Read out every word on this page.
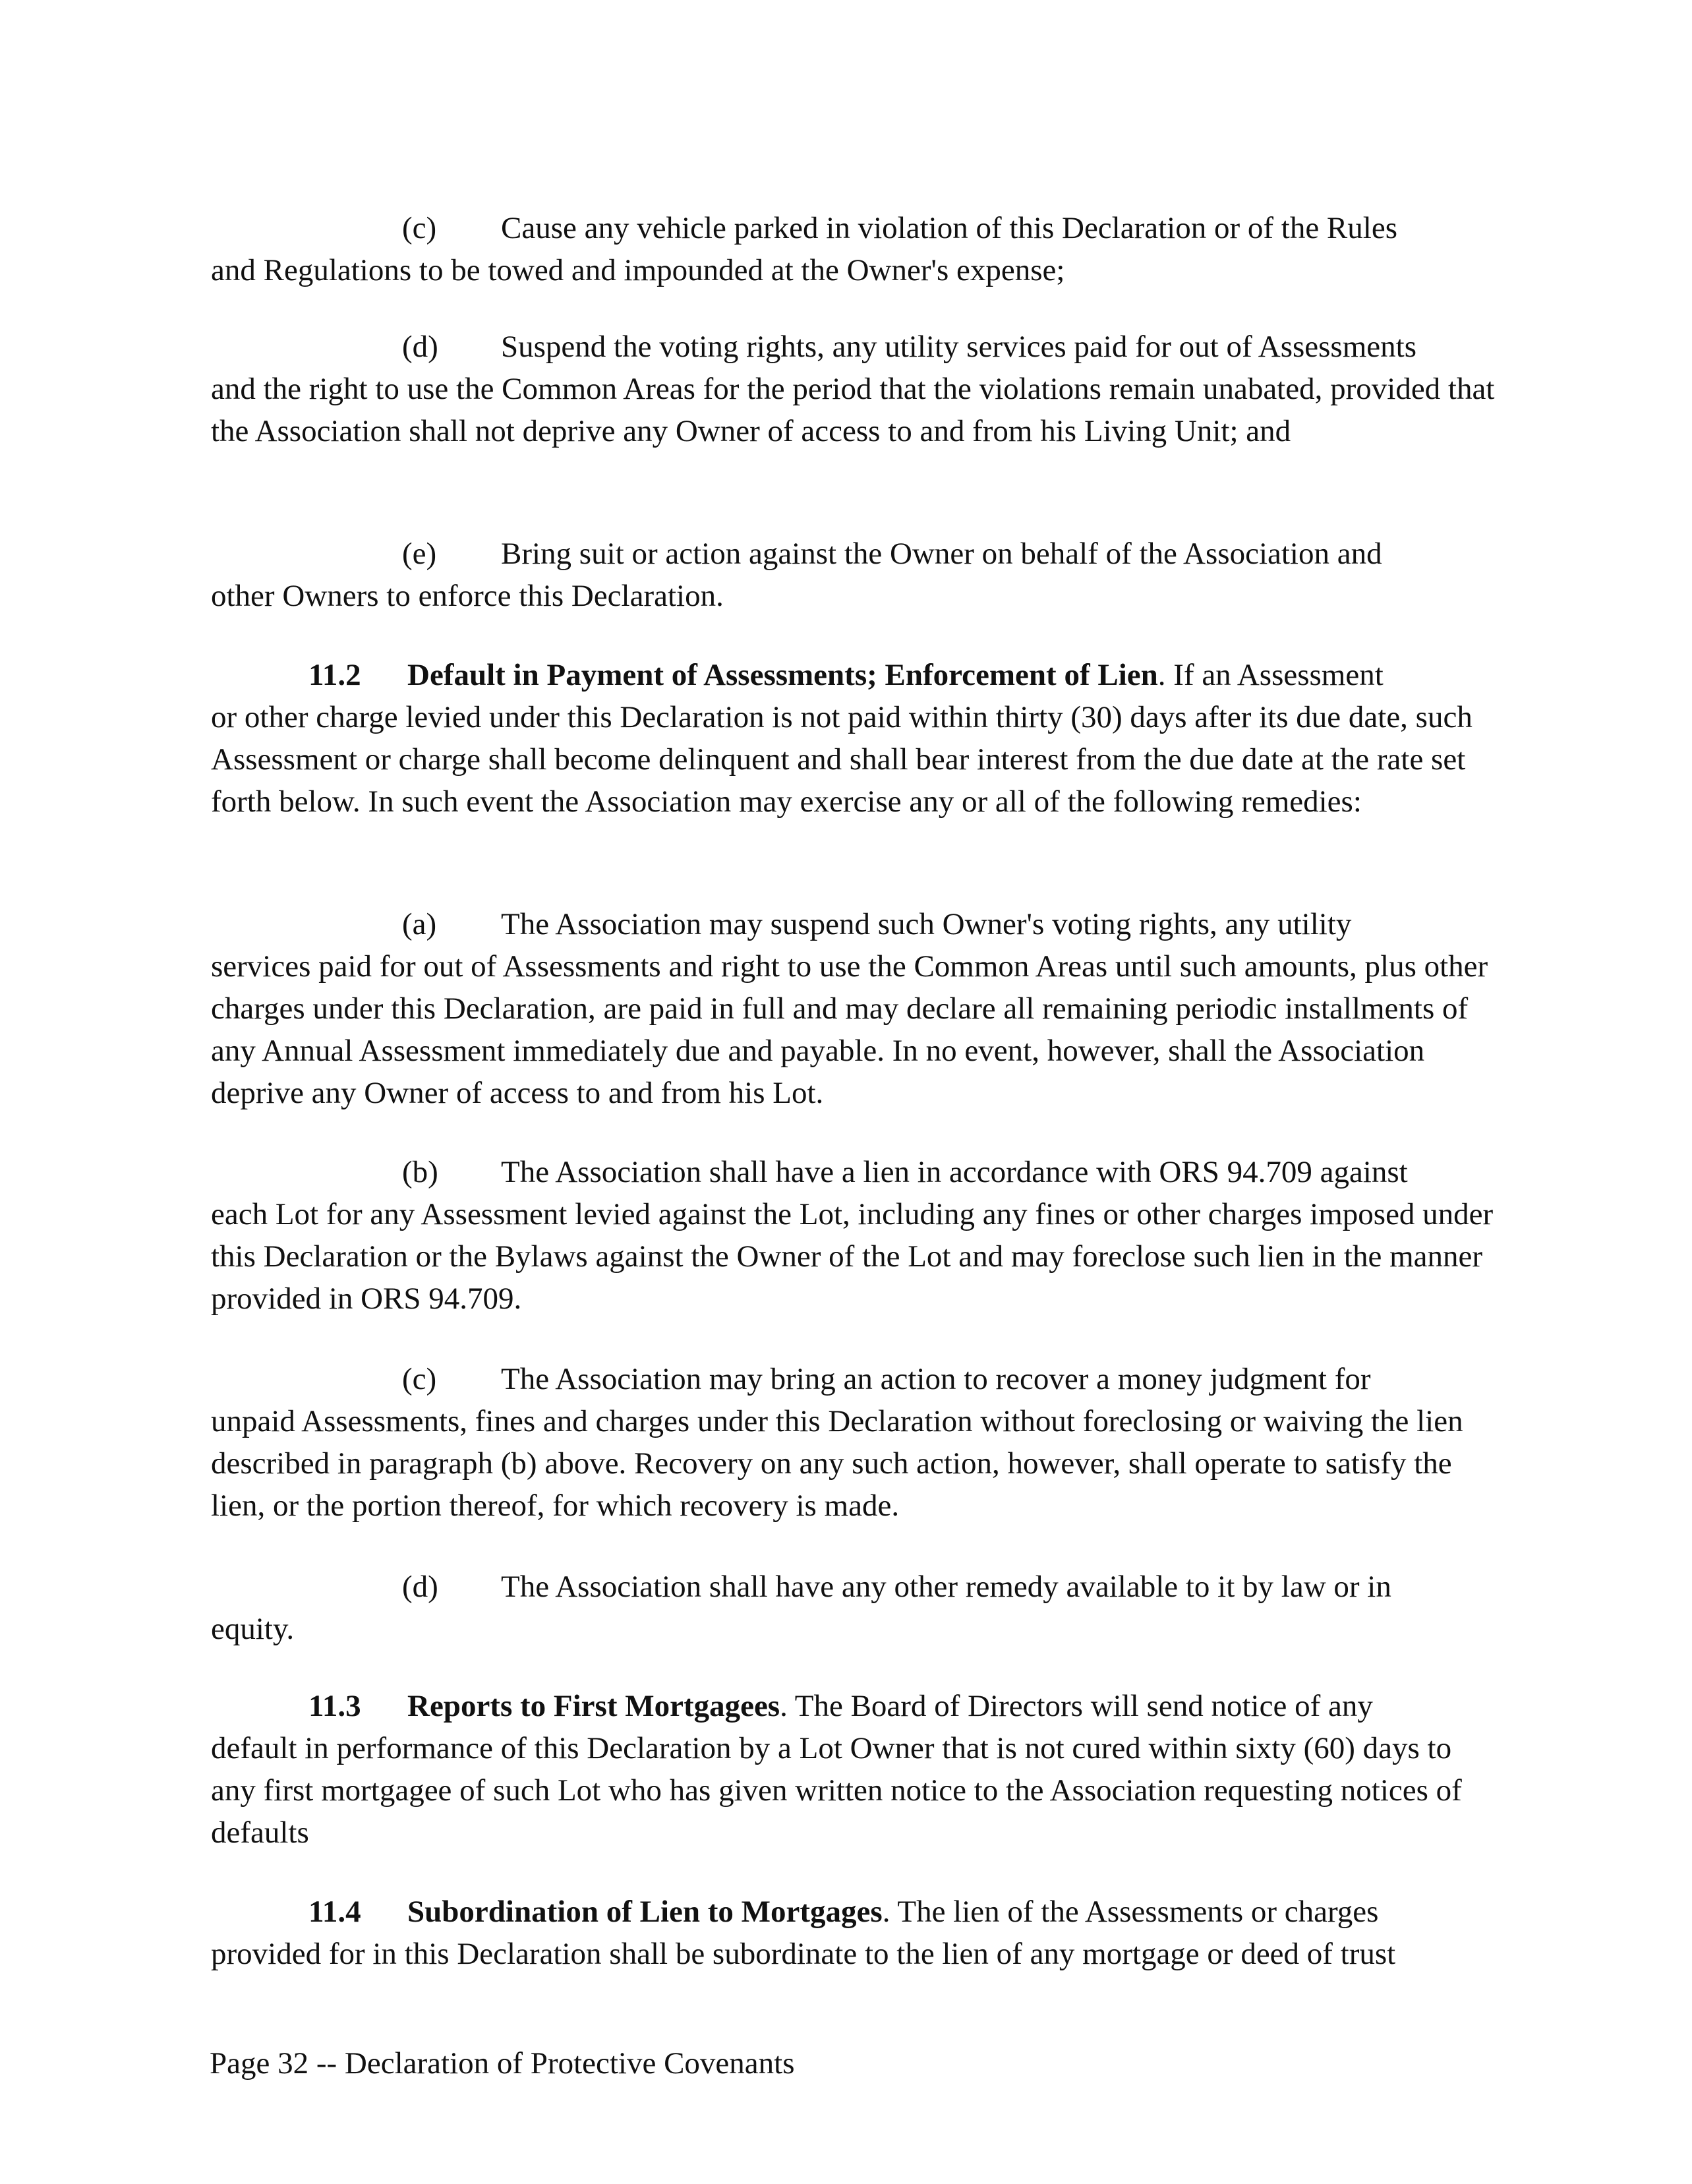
(c) Cause any vehicle parked in violation of this Declaration or of the Rules
and Regulations to be towed and impounded at the Owner's expense;

(d) Suspend the voting rights, any utility services paid for out of Assessments
and the right to use the Common Areas for the period that the violations remain unabated, provided that the Association shall not deprive any Owner of access to and from his Living Unit; and

(e) Bring suit or action against the Owner on behalf of the Association and
other Owners to enforce this Declaration.

11.2 Default in Payment of Assessments; Enforcement of Lien. If an Assessment
or other charge levied under this Declaration is not paid within thirty (30) days after its due date, such Assessment or charge shall become delinquent and shall bear interest from the due date at the rate set forth below. In such event the Association may exercise any or all of the following remedies:

(a) The Association may suspend such Owner's voting rights, any utility
services paid for out of Assessments and right to use the Common Areas until such amounts, plus other charges under this Declaration, are paid in full and may declare all remaining periodic installments of any Annual Assessment immediately due and payable. In no event, however, shall the Association deprive any Owner of access to and from his Lot.

(b) The Association shall have a lien in accordance with ORS 94.709 against
each Lot for any Assessment levied against the Lot, including any fines or other charges imposed under this Declaration or the Bylaws against the Owner of the Lot and may foreclose such lien in the manner provided in ORS 94.709.

(c) The Association may bring an action to recover a money judgment for
unpaid Assessments, fines and charges under this Declaration without foreclosing or waiving the lien described in paragraph (b) above. Recovery on any such action, however, shall operate to satisfy the lien, or the portion thereof, for which recovery is made.

(d) The Association shall have any other remedy available to it by law or in
equity.

11.3 Reports to First Mortgagees. The Board of Directors will send notice of any
default in performance of this Declaration by a Lot Owner that is not cured within sixty (60) days to any first mortgagee of such Lot who has given written notice to the Association requesting notices of defaults

11.4 Subordination of Lien to Mortgages. The lien of the Assessments or charges
provided for in this Declaration shall be subordinate to the lien of any mortgage or deed of trust

Page 32 -- Declaration of Protective Covenants
